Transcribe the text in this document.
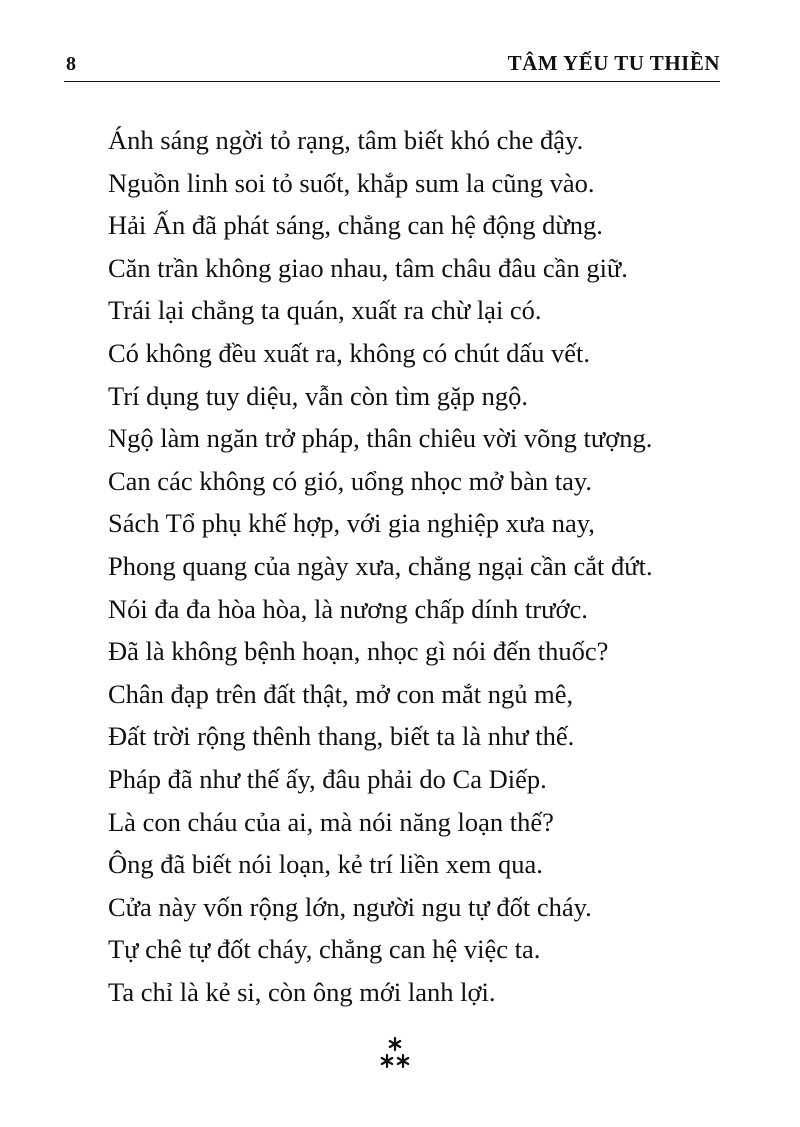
8	TÂM YẾU TU THIỀN
Ánh sáng ngời tỏ rạng, tâm biết khó che đậy.
Nguồn linh soi tỏ suốt, khắp sum la cũng vào.
Hải Ấn đã phát sáng, chẳng can hệ động dừng.
Căn trần không giao nhau, tâm châu đâu cần giữ.
Trái lại chẳng ta quán, xuất ra chừ lại có.
Có không đều xuất ra, không có chút dấu vết.
Trí dụng tuy diệu, vẫn còn tìm gặp ngộ.
Ngộ làm ngăn trở pháp, thân chiêu vời võng tượng.
Can các không có gió, uổng nhọc mở bàn tay.
Sách Tổ phụ khế hợp, với gia nghiệp xưa nay,
Phong quang của ngày xưa, chẳng ngại cần cắt đứt.
Nói đa đa hòa hòa, là nương chấp dính trước.
Đã là không bệnh hoạn, nhọc gì nói đến thuốc?
Chân đạp trên đất thật, mở con mắt ngủ mê,
Đất trời rộng thênh thang, biết ta là như thế.
Pháp đã như thế ấy, đâu phải do Ca Diếp.
Là con cháu của ai, mà nói năng loạn thế?
Ông đã biết nói loạn, kẻ trí liền xem qua.
Cửa này vốn rộng lớn, người ngu tự đốt cháy.
Tự chê tự đốt cháy, chẳng can hệ việc ta.
Ta chỉ là kẻ si, còn ông mới lanh lợi.
